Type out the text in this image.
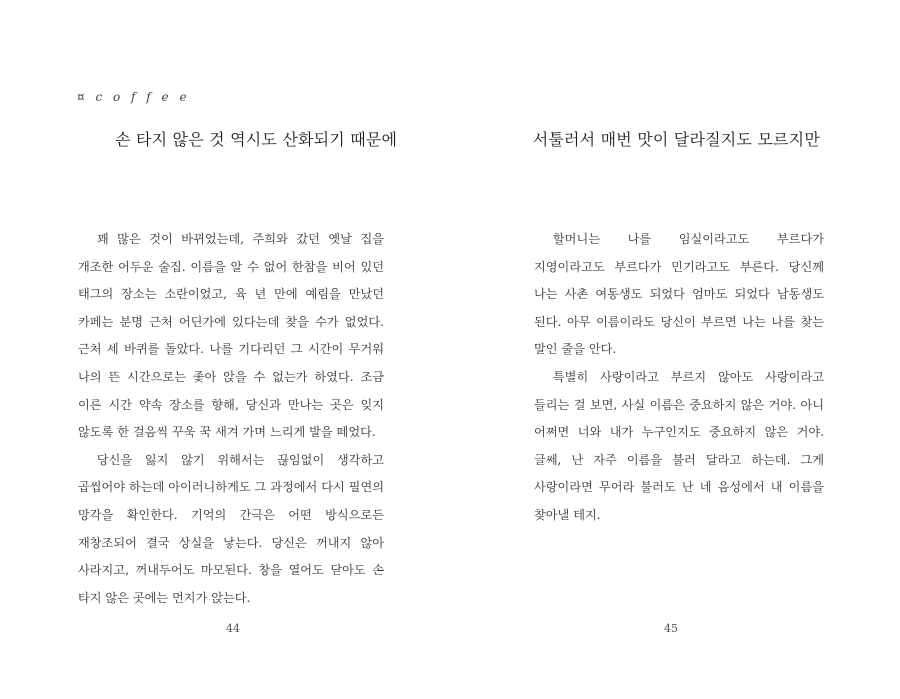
¤ c o f f e e
손 타지 않은 것 역시도 산화되기 때문에

꽤 많은 것이 바뀌었는데, 주희와 갔던 옛날 집을 개조한 어두운 술집. 이름을 알 수 없어 한참을 비어 있던 태그의 장소는 소란이었고, 육 년 만에 예림을 만났던 카페는 분명 근처 어딘가에 있다는데 찾을 수가 없었다. 근처 세 바퀴를 돌았다. 나를 기다리던 그 시간이 무거워 나의 뜬 시간으로는 좇아 앉을 수 없는가 하였다. 조금 이른 시간 약속 장소를 향해, 당신과 만나는 곳은 잊지 않도록 한 걸음씩 꾸욱 꾹 새겨 가며 느리게 발을 떼었다.

당신을 잃지 않기 위해서는 끊임없이 생각하고 곱씹어야 하는데 아이러니하게도 그 과정에서 다시 필연의 망각을 확인한다. 기억의 간극은 어떤 방식으로든 재창조되어 결국 상실을 낳는다. 당신은 꺼내지 않아 사라지고, 꺼내두어도 마모된다. 창을 열어도 닫아도 손 타지 않은 곳에는 먼지가 앉는다.

44
서툴러서 매번 맛이 달라질지도 모르지만

할머니는 나를 임실이라고도 부르다가 지영이라고도 부르다가 민기라고도 부른다. 당신께 나는 사촌 여동생도 되었다 엄마도 되었다 남동생도 된다. 아무 이름이라도 당신이 부르면 나는 나를 찾는 말인 줄을 안다.

특별히 사랑이라고 부르지 않아도 사랑이라고 들리는 걸 보면, 사실 이름은 중요하지 않은 거야. 아니 어쩌면 너와 내가 누구인지도 중요하지 않은 거야. 글쎄, 난 자주 이름을 불러 달라고 하는데. 그게 사랑이라면 무어라 불러도 난 네 음성에서 내 이름을 찾아낼 테지.

45
